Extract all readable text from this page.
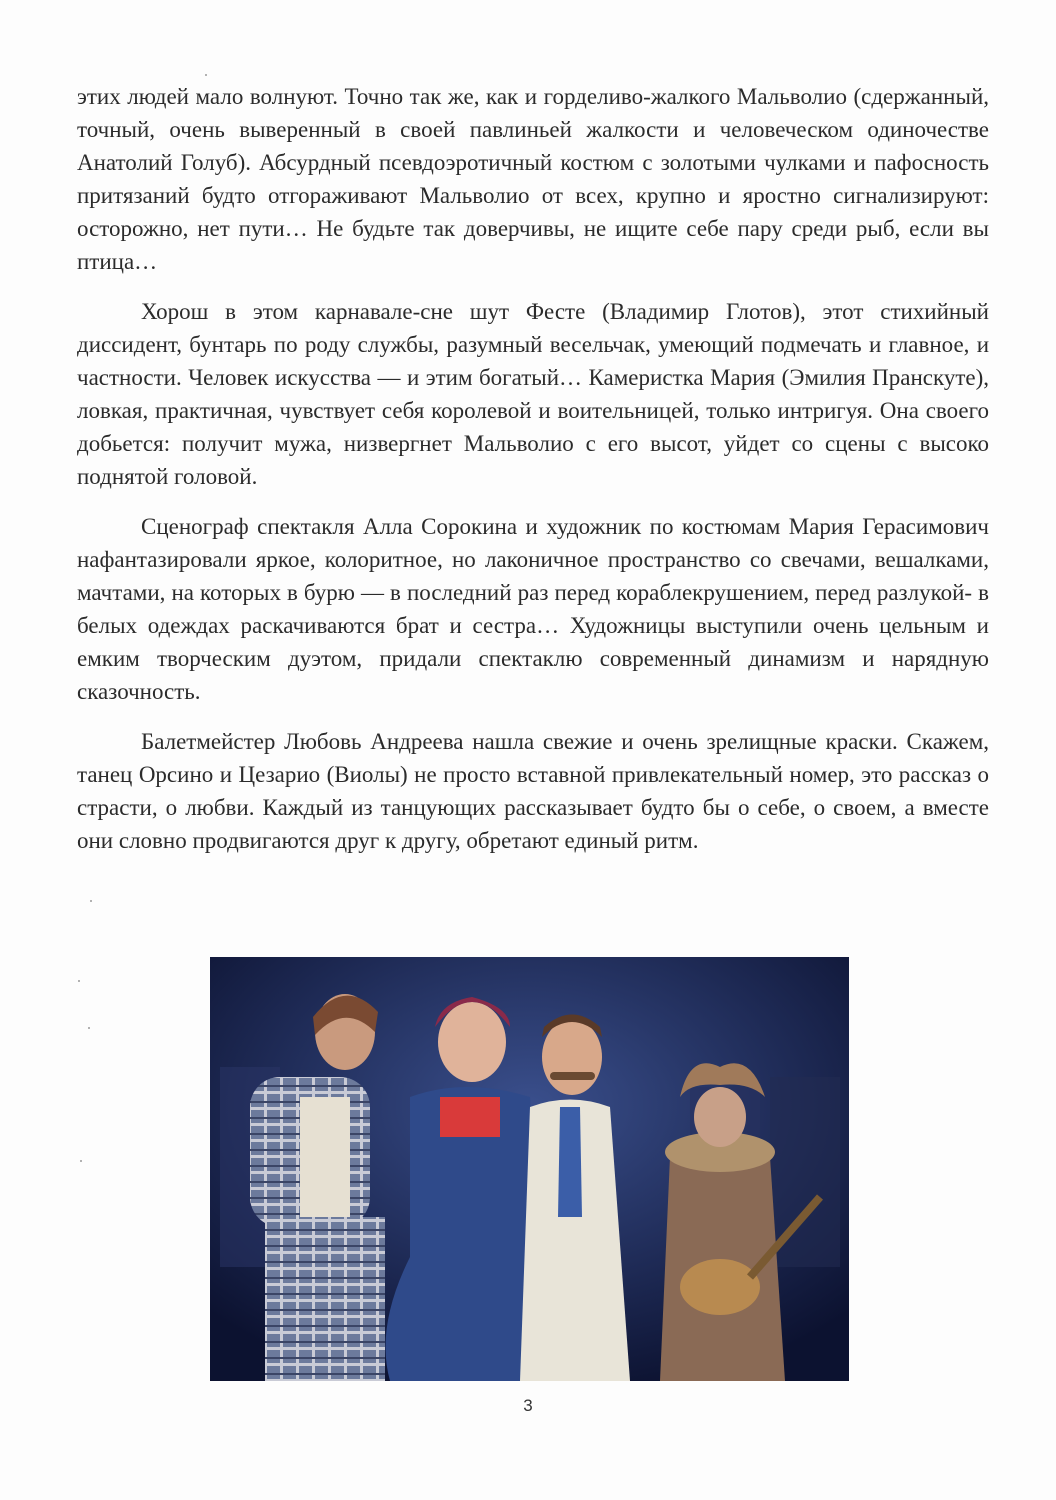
этих людей мало волнуют. Точно так же, как и горделиво-жалкого Мальволио (сдержанный, точный, очень выверенный в своей павлиньей жалкости и человеческом одиночестве Анатолий Голуб). Абсурдный псевдоэротичный костюм с золотыми чулками и пафосность притязаний будто отгораживают Мальволио от всех, крупно и яростно сигнализируют: осторожно, нет пути… Не будьте так доверчивы, не ищите себе пару среди рыб, если вы птица…

Хорош в этом карнавале-сне шут Фесте (Владимир Глотов), этот стихийный диссидент, бунтарь по роду службы, разумный весельчак, умеющий подмечать и главное, и частности. Человек искусства — и этим богатый… Камеристка Мария (Эмилия Пранскуте), ловкая, практичная, чувствует себя королевой и воительницей, только интригуя. Она своего добьется: получит мужа, низвергнет Мальволио с его высот, уйдет со сцены с высоко поднятой головой.

Сценограф спектакля Алла Сорокина и художник по костюмам Мария Герасимович нафантазировали яркое, колоритное, но лаконичное пространство со свечами, вешалками, мачтами, на которых в бурю — в последний раз перед кораблекрушением, перед разлукой- в белых одеждах раскачиваются брат и сестра… Художницы выступили очень цельным и емким творческим дуэтом, придали спектаклю современный динамизм и нарядную сказочность.

Балетмейстер Любовь Андреева нашла свежие и очень зрелищные краски. Скажем, танец Орсино и Цезарио (Виолы) не просто вставной привлекательный номер, это рассказ о страсти, о любви. Каждый из танцующих рассказывает будто бы о себе, о своем, а вместе они словно продвигаются друг к другу, обретают единый ритм.

3
